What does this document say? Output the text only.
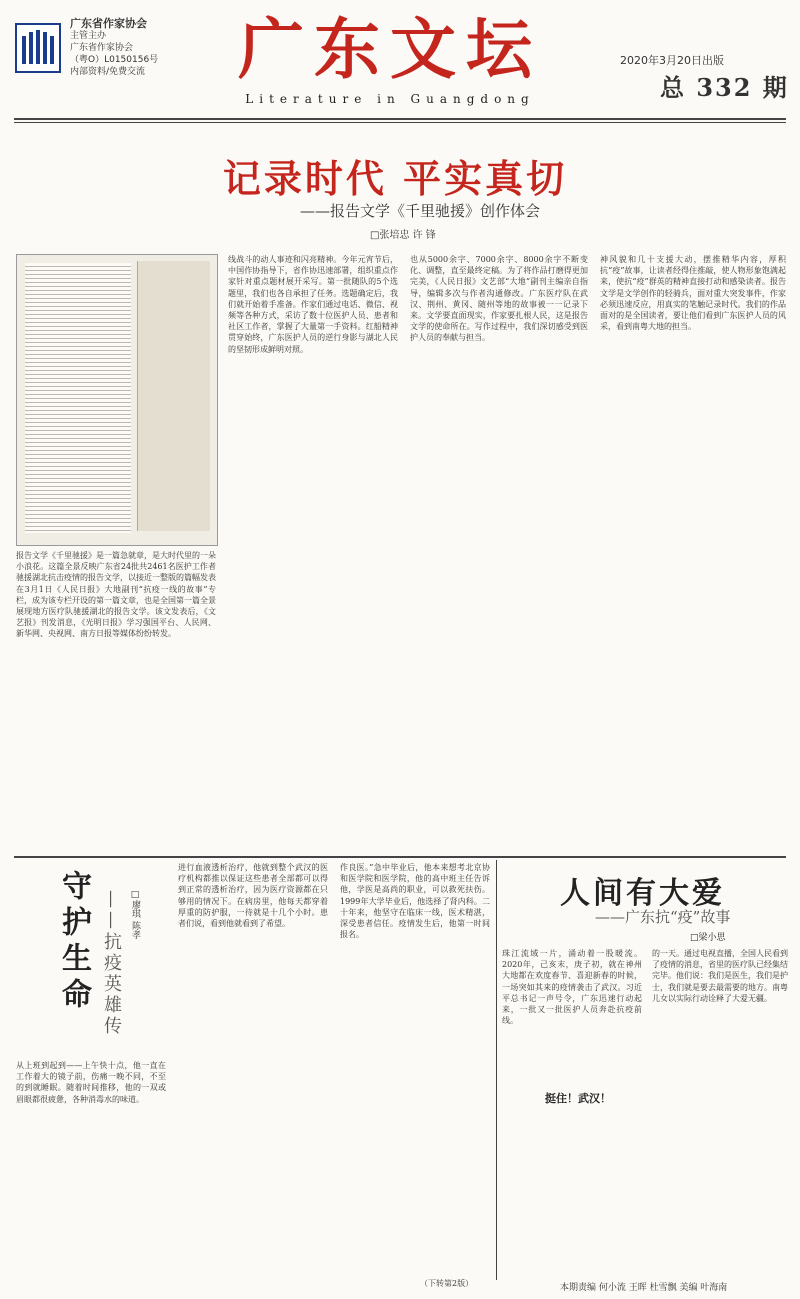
广东省作家协会
主管主办
广东省作家协会
（粤O）L0150156号
内部资料/免费交流	广东文坛
Literature in Guangdong
2020年3月20日出版
总 332 期
记录时代 平实真切
——报告文学《千里驰援》创作体会
□张培忠 许 锋
报告文学《千里驰援》是一篇急就章，是大时代里的一朵小浪花。这篇全景反映广东省24批共2461名医护工作者驰援湖北抗击疫情的报告文学，以接近一整版的篇幅发表在3月1日《人民日报》大地副刊“抗疫一线的故事”专栏，成为该专栏开设的第一篇文章，也是全国第一篇全景展现地方医疗队驰援湖北的报告文学。该文发表后，《文艺报》刊发消息，《光明日报》学习强国平台、人民网、新华网、央视网、南方日报等媒体纷纷转发。
线战斗的动人事迹和闪亮精神。今年元宵节后，中国作协指导下，省作协迅速部署，组织重点作家针对重点题材展开采写。第一批随队的5个选题里，我们也各自承担了任务。选题确定后，我们就开始着手准备。作家们通过电话、微信、视频等各种方式，采访了数十位医护人员、患者和社区工作者，掌握了大量第一手资料。红船精神贯穿始终，广东医护人员的逆行身影与湖北人民的坚韧形成鲜明对照。
也从5000余字、7000余字、8000余字不断变化、调整，直至最终定稿。为了将作品打磨得更加完美，《人民日报》文艺部“大地”副刊主编亲自指导，编辑多次与作者沟通修改。广东医疗队在武汉、荆州、黄冈、随州等地的故事被一一记录下来。文学要直面现实，作家要扎根人民，这是报告文学的使命所在。写作过程中，我们深切感受到医护人员的奉献与担当。
神风貌和几十支援大动，摆推精华内容，厚积抗“疫”故事，让读者经得住推敲，使人物形象饱满起来，使抗“疫”群英的精神直接打动和感染读者。报告文学是文学创作的轻骑兵，面对重大突发事件，作家必须迅速反应，用真实的笔触记录时代。我们的作品面对的是全国读者，要让他们看到广东医护人员的风采，看到南粤大地的担当。
守护生命 ——抗疫英雄传 □廖琪 陈孝
从上班到起到——上午快十点，他一直在工作着大的镜子前，伤痛一晚不同，不至的到就睡眠。随着时间推移，他的一双或眉眼都很疲惫，各种消毒水的味道。
进行血液透析治疗，他就到整个武汉的医疗机构都推以保证这些患者全部都可以得到正常的透析治疗，因为医疗资源都在只够用的情况下。在病房里，他每天都穿着厚重的防护服，一待就是十几个小时。患者们说，看到他就看到了希望。
作良医。”急中毕业后，他本来想考北京协和医学院和医学院，他的高中班主任告诉他，学医是高尚的职业，可以救死扶伤。1999年大学毕业后，他选择了肾内科。二十年来，他坚守在临床一线，医术精湛，深受患者信任。疫情发生后，他第一时间报名。
（下转第2版）
人间有大爱
——广东抗“疫”故事
□梁小思
珠江流域一片，涌动着一股暖流。2020年，己亥末，庚子初，就在神州大地都在欢度春节、喜迎新春的时候，一场突如其来的疫情袭击了武汉。习近平总书记一声号令，广东迅速行动起来，一批又一批医护人员奔赴抗疫前线。
的一天。通过电视直播，全国人民看到了疫情的消息，省里的医疗队已经集结完毕。他们说：我们是医生，我们是护士，我们就是要去最需要的地方。南粤儿女以实际行动诠释了大爱无疆。
挺住！武汉！
本期责编 何小流 王晖 杜雪飘 美编 叶海南
